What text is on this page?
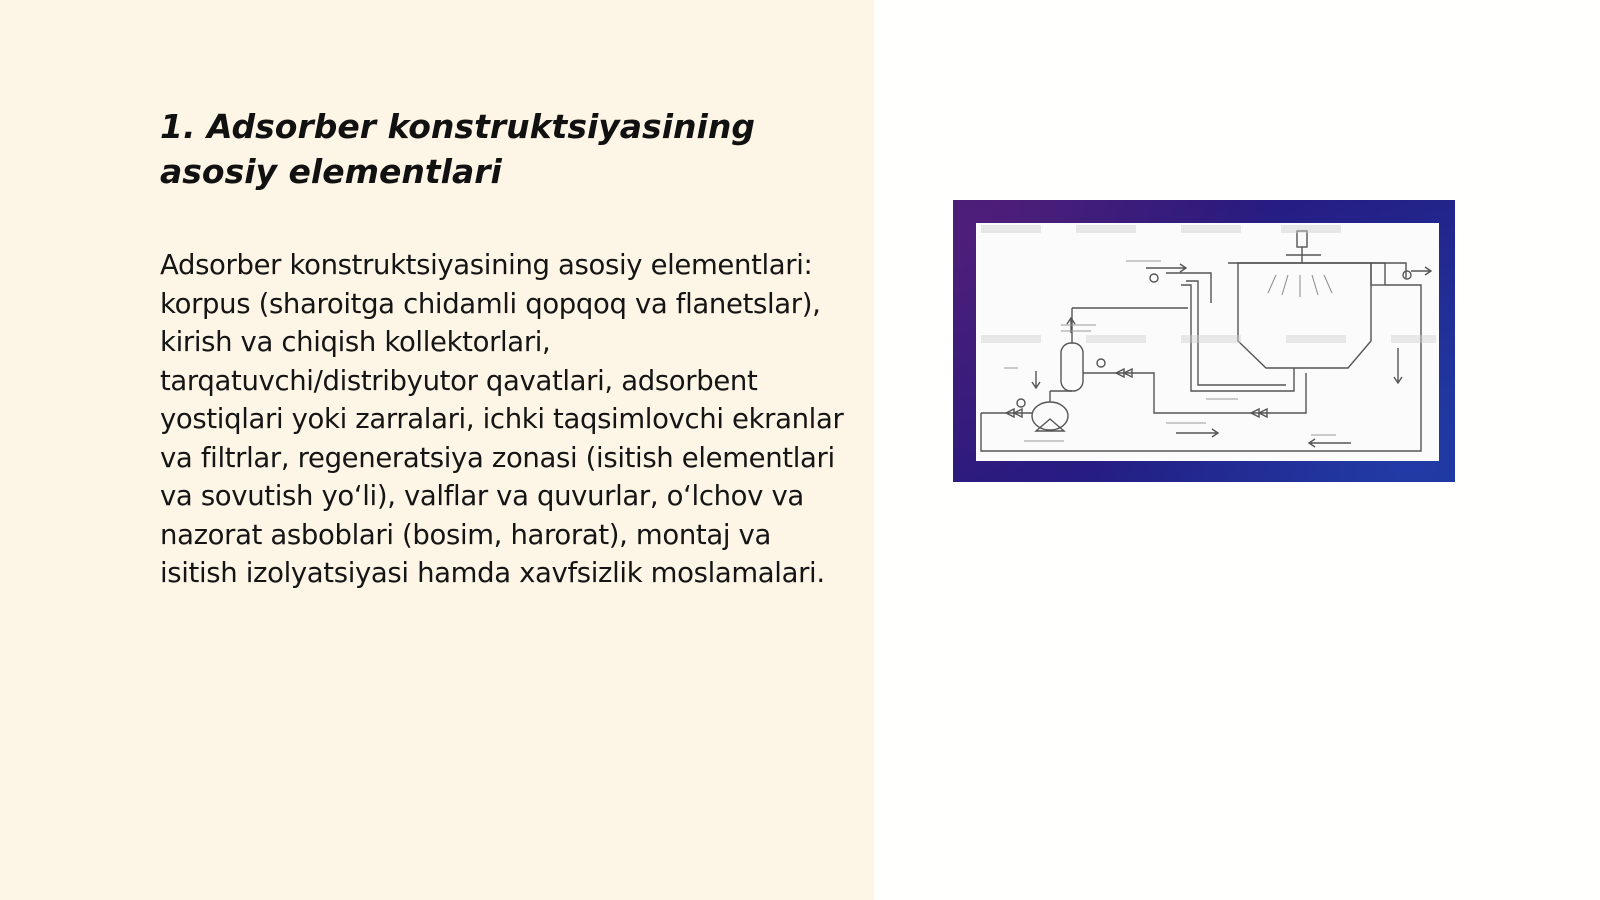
1. Adsorber konstruktsiyasining asosiy elementlari

Adsorber konstruktsiyasining asosiy elementlari: korpus (sharoitga chidamli qopqoq va flanetslar), kirish va chiqish kollektorlari, tarqatuvchi/distribyutor qavatlari, adsorbent yostiqlari yoki zarralari, ichki taqsimlovchi ekranlar va filtrlar, regeneratsiya zonasi (isitish elementlari va sovutish yo‘li), valflar va quvurlar, o‘lchov va nazorat asboblari (bosim, harorat), montaj va isitish izolyatsiyasi hamda xavfsizlik moslamalari.
